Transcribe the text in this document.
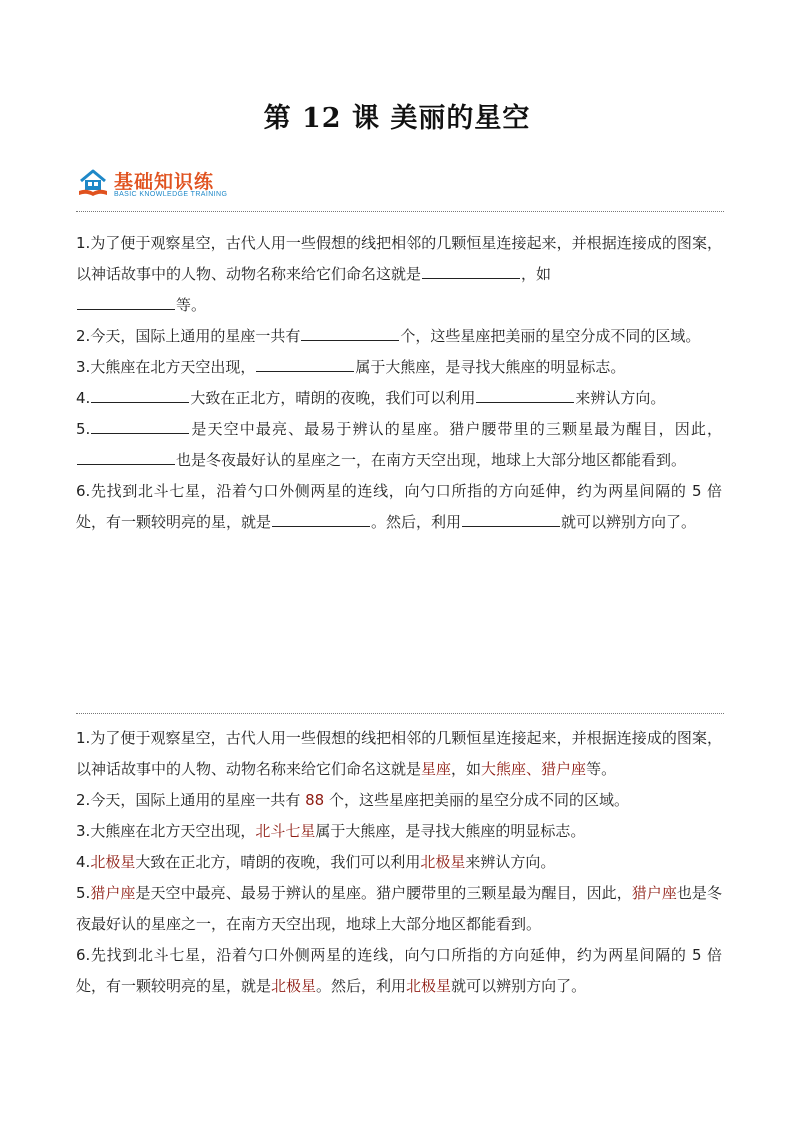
第 12 课 美丽的星空
基础知识练
BASIC KNOWLEDGE TRAINING

1.为了便于观察星空，古代人用一些假想的线把相邻的几颗恒星连接起来，并根据连接成的图案，以神话故事中的人物、动物名称来给它们命名这就是	，如
等。

2.今天，国际上通用的星座一共有	个，这些星座把美丽的星空分成不同的区域。

3.大熊座在北方天空出现，	属于大熊座，是寻找大熊座的明显标志。

4.	大致在正北方，晴朗的夜晚，我们可以利用	来辨认方向。

5.	是天空中最亮、最易于辨认的星座。猎户腰带里的三颗星最为醒目，因此，也是冬夜最好认的星座之一，在南方天空出现，地球上大部分地区都能看到。

6.先找到北斗七星，沿着勺口外侧两星的连线，向勺口所指的方向延伸，约为两星间隔的 5 倍处，有一颗较明亮的星，就是	。然后，利用	就可以辨别方向了。

1.为了便于观察星空，古代人用一些假想的线把相邻的几颗恒星连接起来，并根据连接成的图案，以神话故事中的人物、动物名称来给它们命名这就是星座，如大熊座、猎户座等。

2.今天，国际上通用的星座一共有 88 个，这些星座把美丽的星空分成不同的区域。

3.大熊座在北方天空出现，北斗七星属于大熊座，是寻找大熊座的明显标志。

4.北极星大致在正北方，晴朗的夜晚，我们可以利用北极星来辨认方向。

5.猎户座是天空中最亮、最易于辨认的星座。猎户腰带里的三颗星最为醒目，因此，猎户座也是冬夜最好认的星座之一，在南方天空出现，地球上大部分地区都能看到。

6.先找到北斗七星，沿着勺口外侧两星的连线，向勺口所指的方向延伸，约为两星间隔的 5 倍处，有一颗较明亮的星，就是北极星。然后，利用北极星就可以辨别方向了。
